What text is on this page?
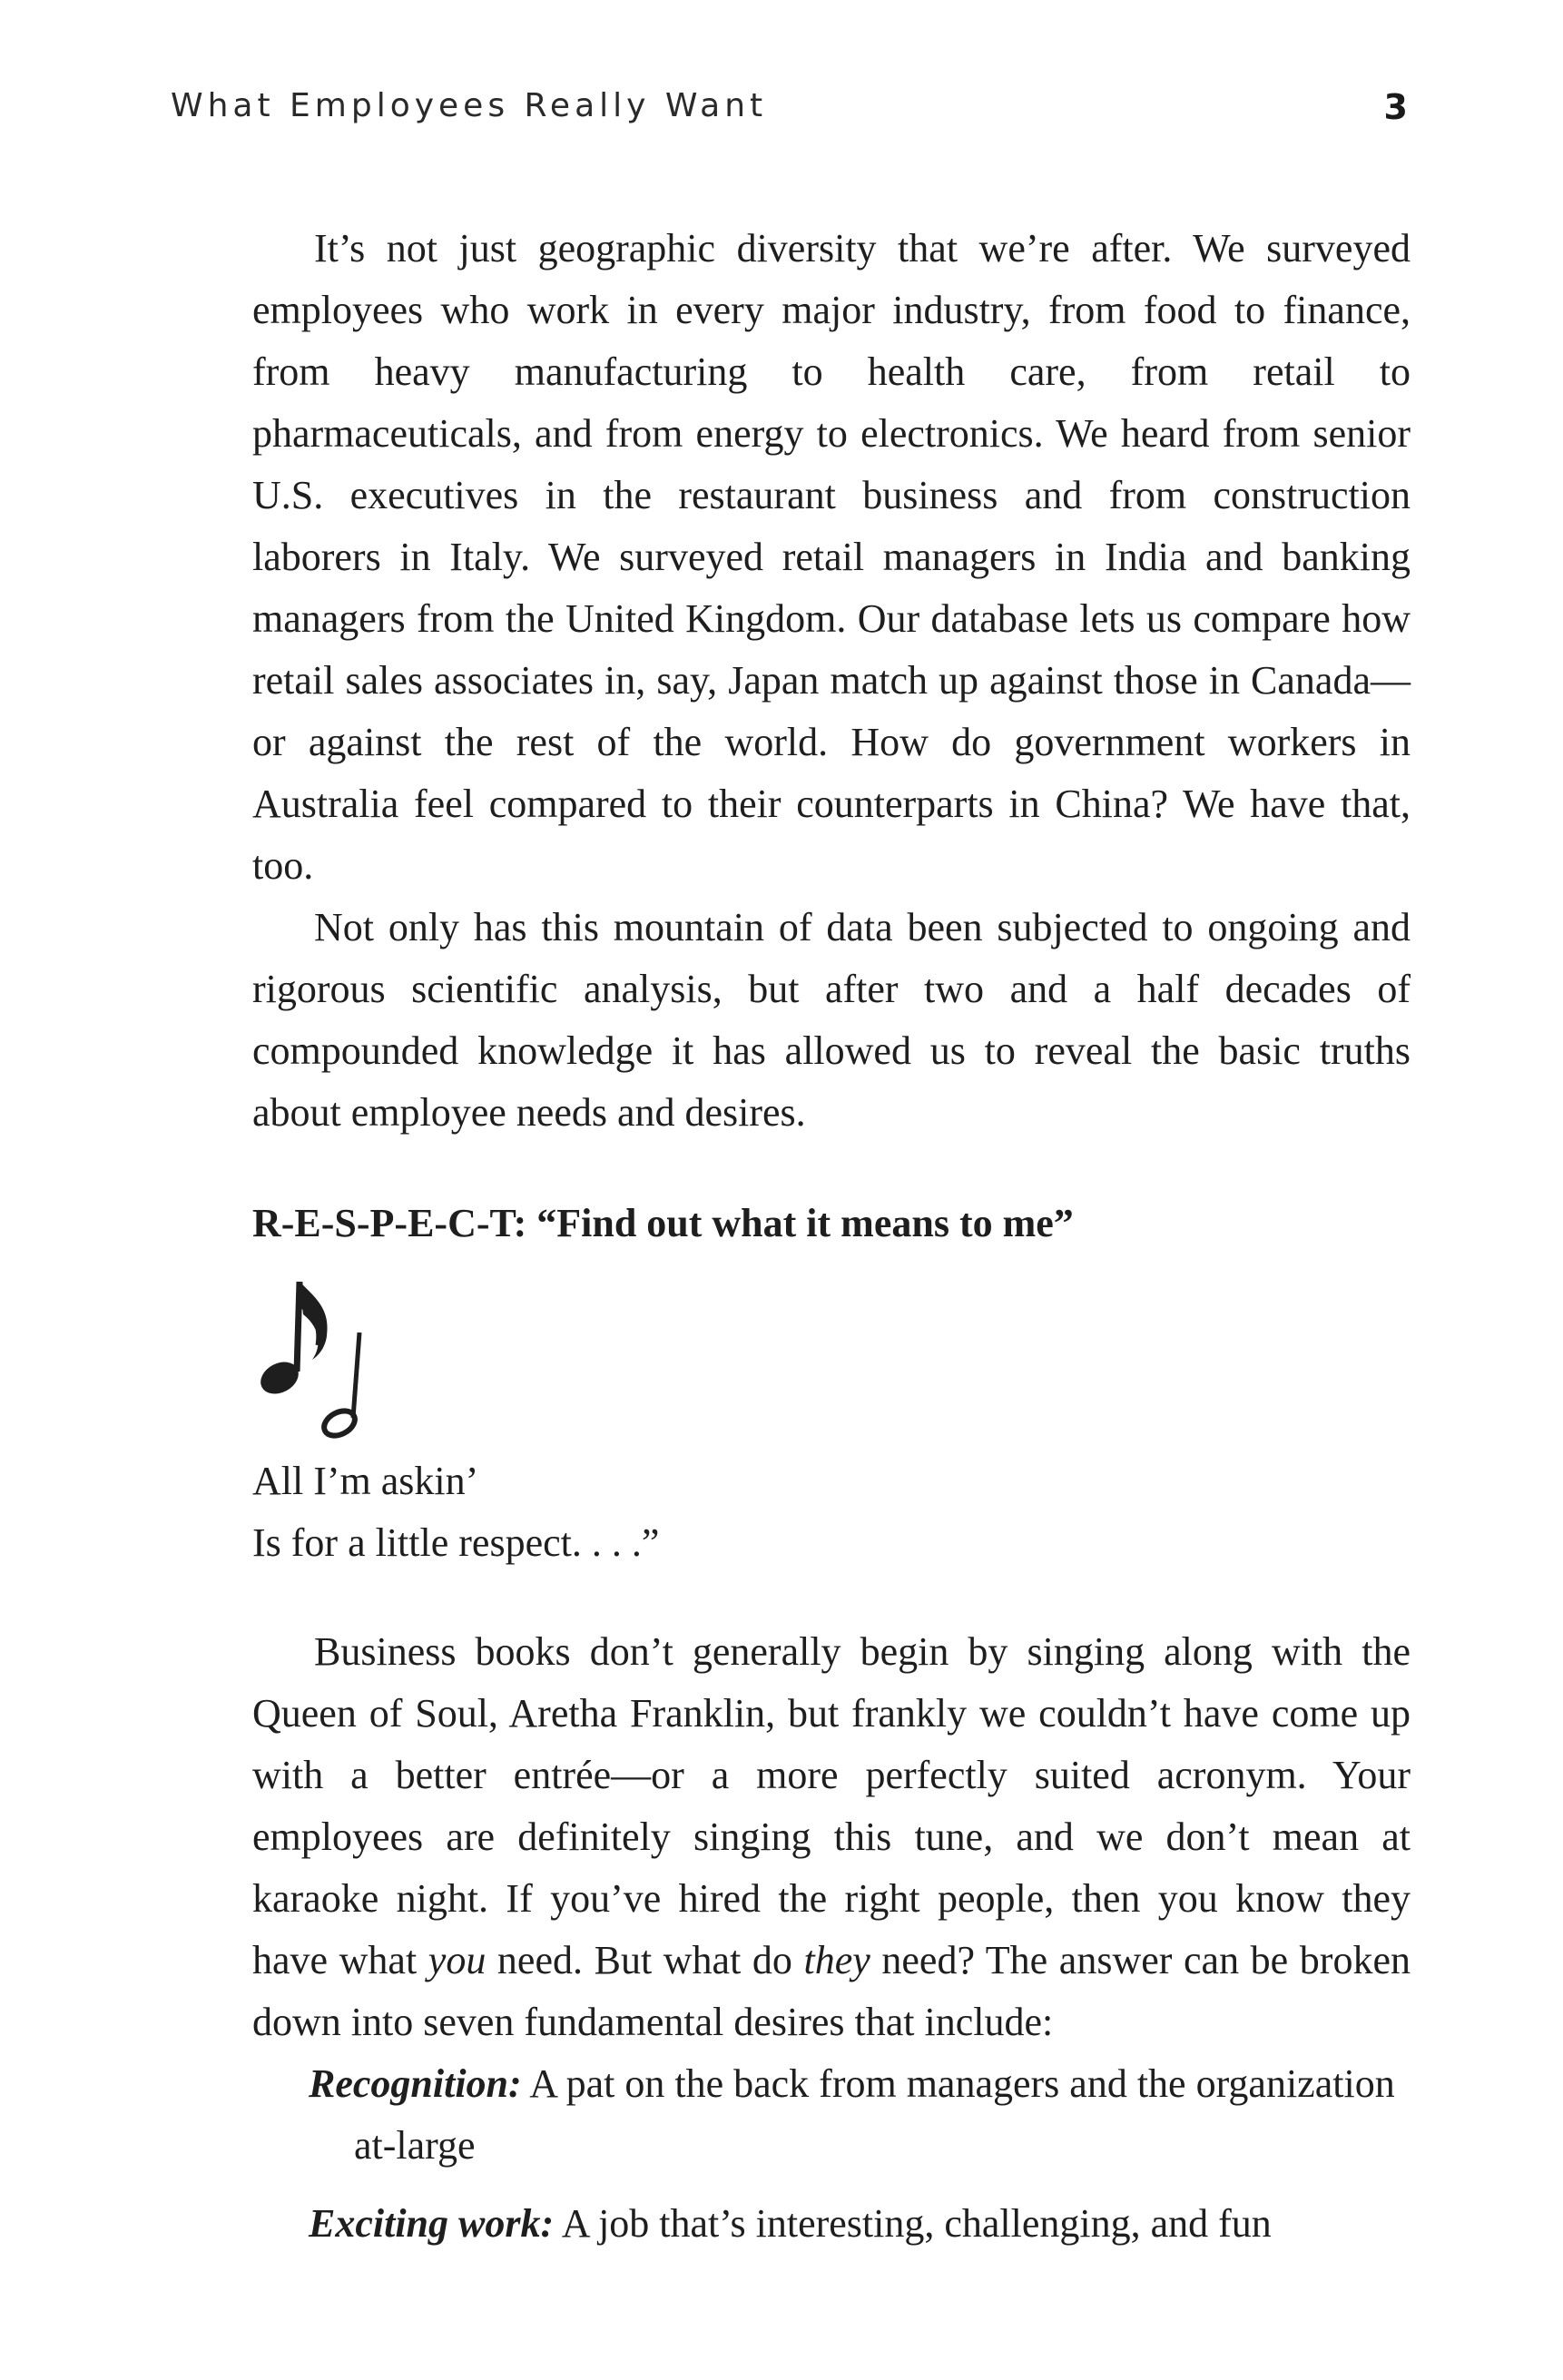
What Employees Really Want	3

It’s not just geographic diversity that we’re after. We surveyed employees who work in every major industry, from food to finance, from heavy manufacturing to health care, from retail to pharmaceuticals, and from energy to electronics. We heard from senior U.S. executives in the restaurant business and from construction laborers in Italy. We surveyed retail managers in India and banking managers from the United Kingdom. Our database lets us compare how retail sales associates in, say, Japan match up against those in Canada—or against the rest of the world. How do government workers in Australia feel compared to their counterparts in China? We have that, too.

Not only has this mountain of data been subjected to ongoing and rigorous scientific analysis, but after two and a half decades of compounded knowledge it has allowed us to reveal the basic truths about employee needs and desires.

R-E-S-P-E-C-T: “Find out what it means to me”
All I’m askin’
Is for a little respect. . . .”

Business books don’t generally begin by singing along with the Queen of Soul, Aretha Franklin, but frankly we couldn’t have come up with a better entrée—or a more perfectly suited acronym. Your employees are definitely singing this tune, and we don’t mean at karaoke night. If you’ve hired the right people, then you know they have what you need. But what do they need? The answer can be broken down into seven fundamental desires that include:

Recognition: A pat on the back from managers and the organization at-large
Exciting work: A job that’s interesting, challenging, and fun
